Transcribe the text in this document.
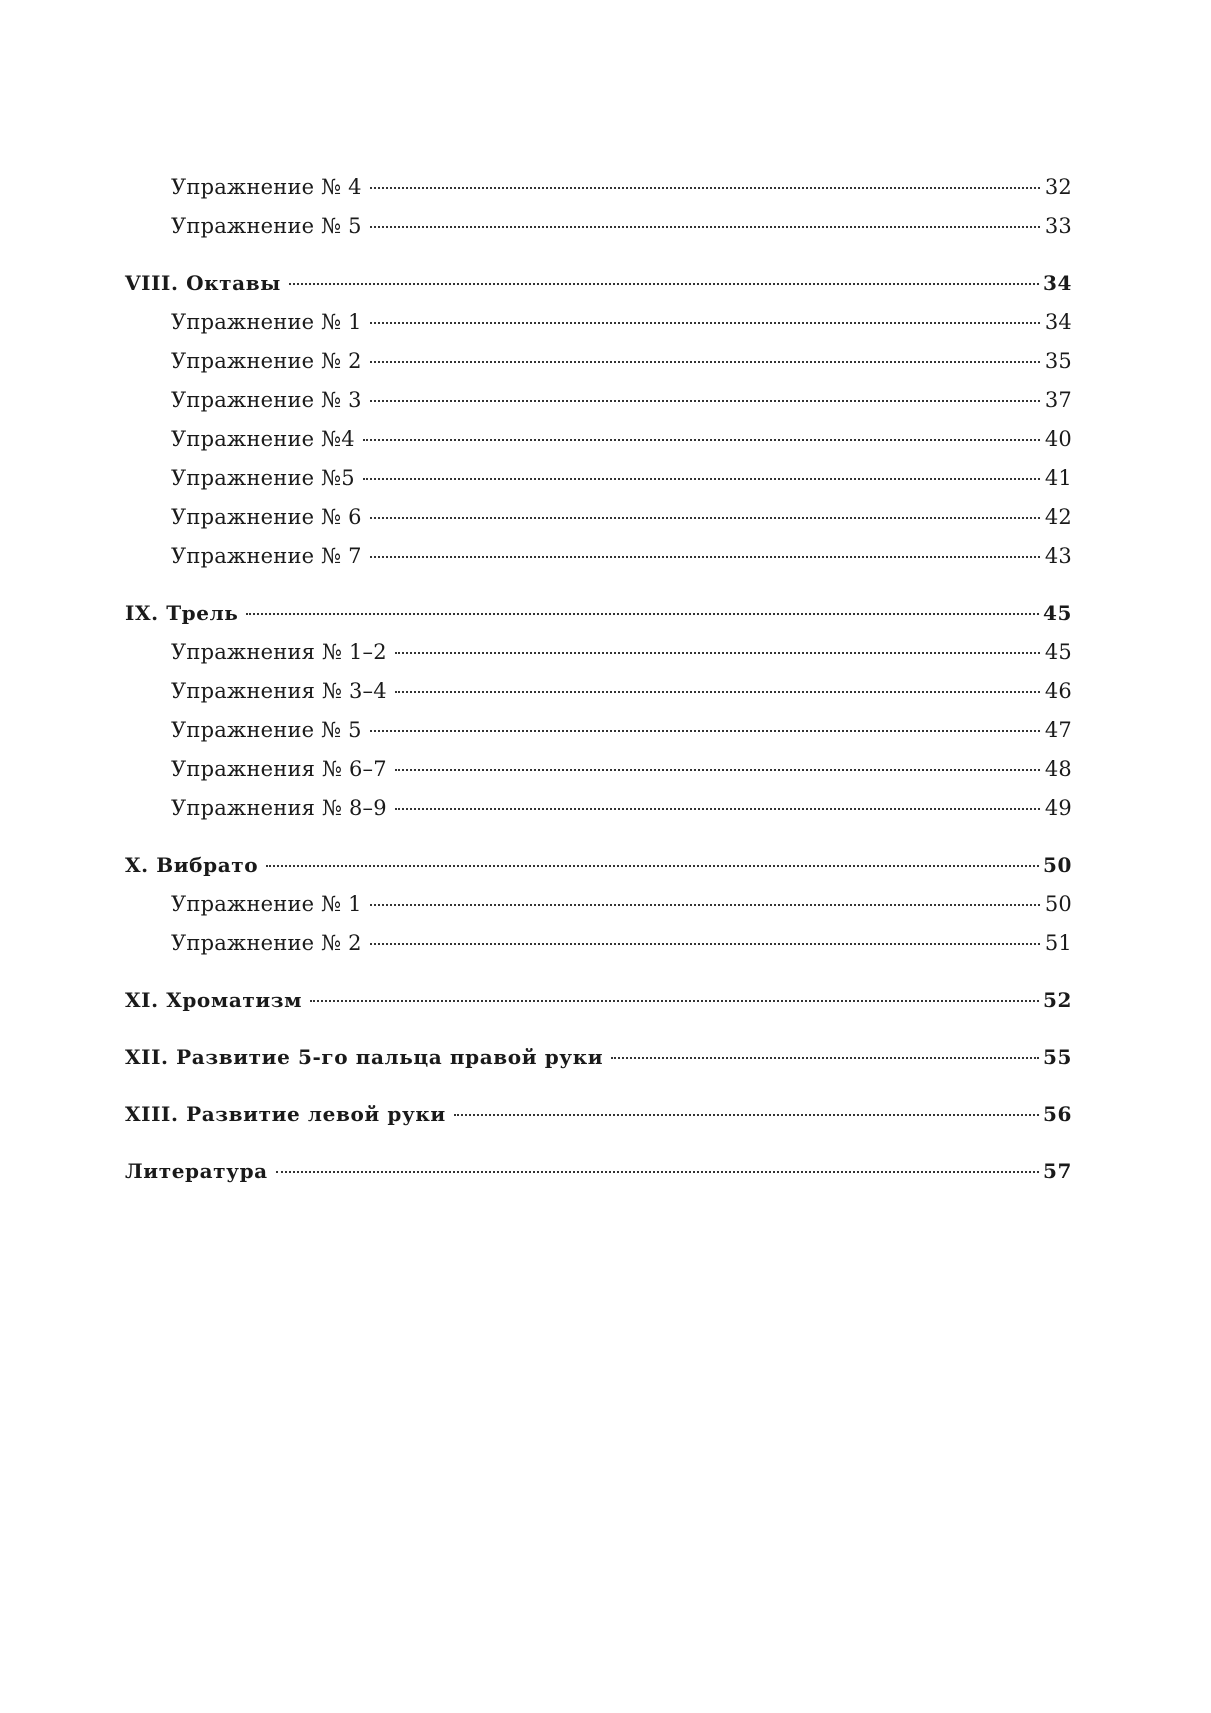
Упражнение № 4	32
Упражнение № 5	33
VIII. Октавы	34
Упражнение № 1	34
Упражнение № 2	35
Упражнение № 3	37
Упражнение №4	40
Упражнение №5	41
Упражнение № 6	42
Упражнение № 7	43
IX. Трель	45
Упражнения № 1–2	45
Упражнения № 3–4	46
Упражнение № 5	47
Упражнения № 6–7	48
Упражнения № 8–9	49
X. Вибрато	50
Упражнение № 1	50
Упражнение № 2	51
XI. Хроматизм	52
XII. Развитие 5-го пальца правой руки	55
XIII. Развитие левой руки	56
Литература	57
